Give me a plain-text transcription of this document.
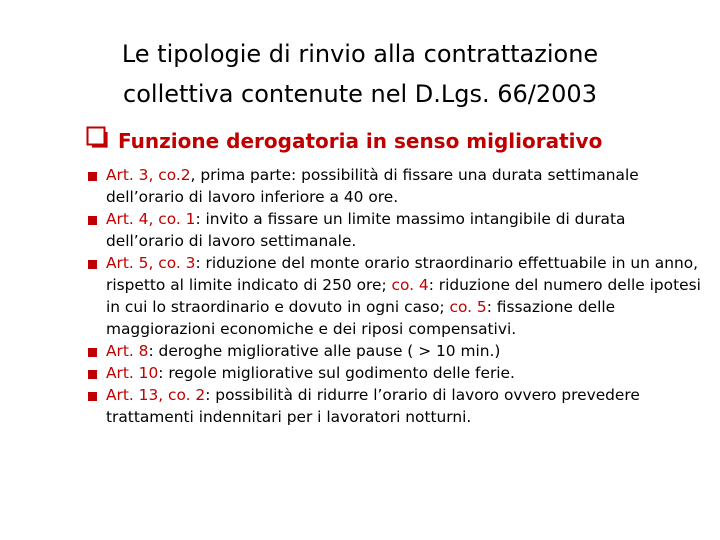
Le tipologie di rinvio alla contrattazione
collettiva contenute nel D.Lgs. 66/2003
Funzione derogatoria in senso migliorativo
Art. 3, co.2, prima parte: possibilità di fissare una durata settimanale dell’orario di lavoro inferiore a 40 ore.
Art. 4, co. 1: invito a fissare un limite massimo intangibile di durata dell’orario di lavoro settimanale.
Art. 5, co. 3: riduzione del monte orario straordinario effettuabile in un anno, rispetto al limite indicato di 250 ore; co. 4: riduzione del numero delle ipotesi in cui lo straordinario e dovuto in ogni caso; co. 5: fissazione delle maggiorazioni economiche e dei riposi compensativi.
Art. 8: deroghe migliorative alle pause ( > 10 min.)
Art. 10: regole migliorative sul godimento delle ferie.
Art. 13, co. 2: possibilità di ridurre l’orario di lavoro ovvero prevedere trattamenti indennitari per i lavoratori notturni.
